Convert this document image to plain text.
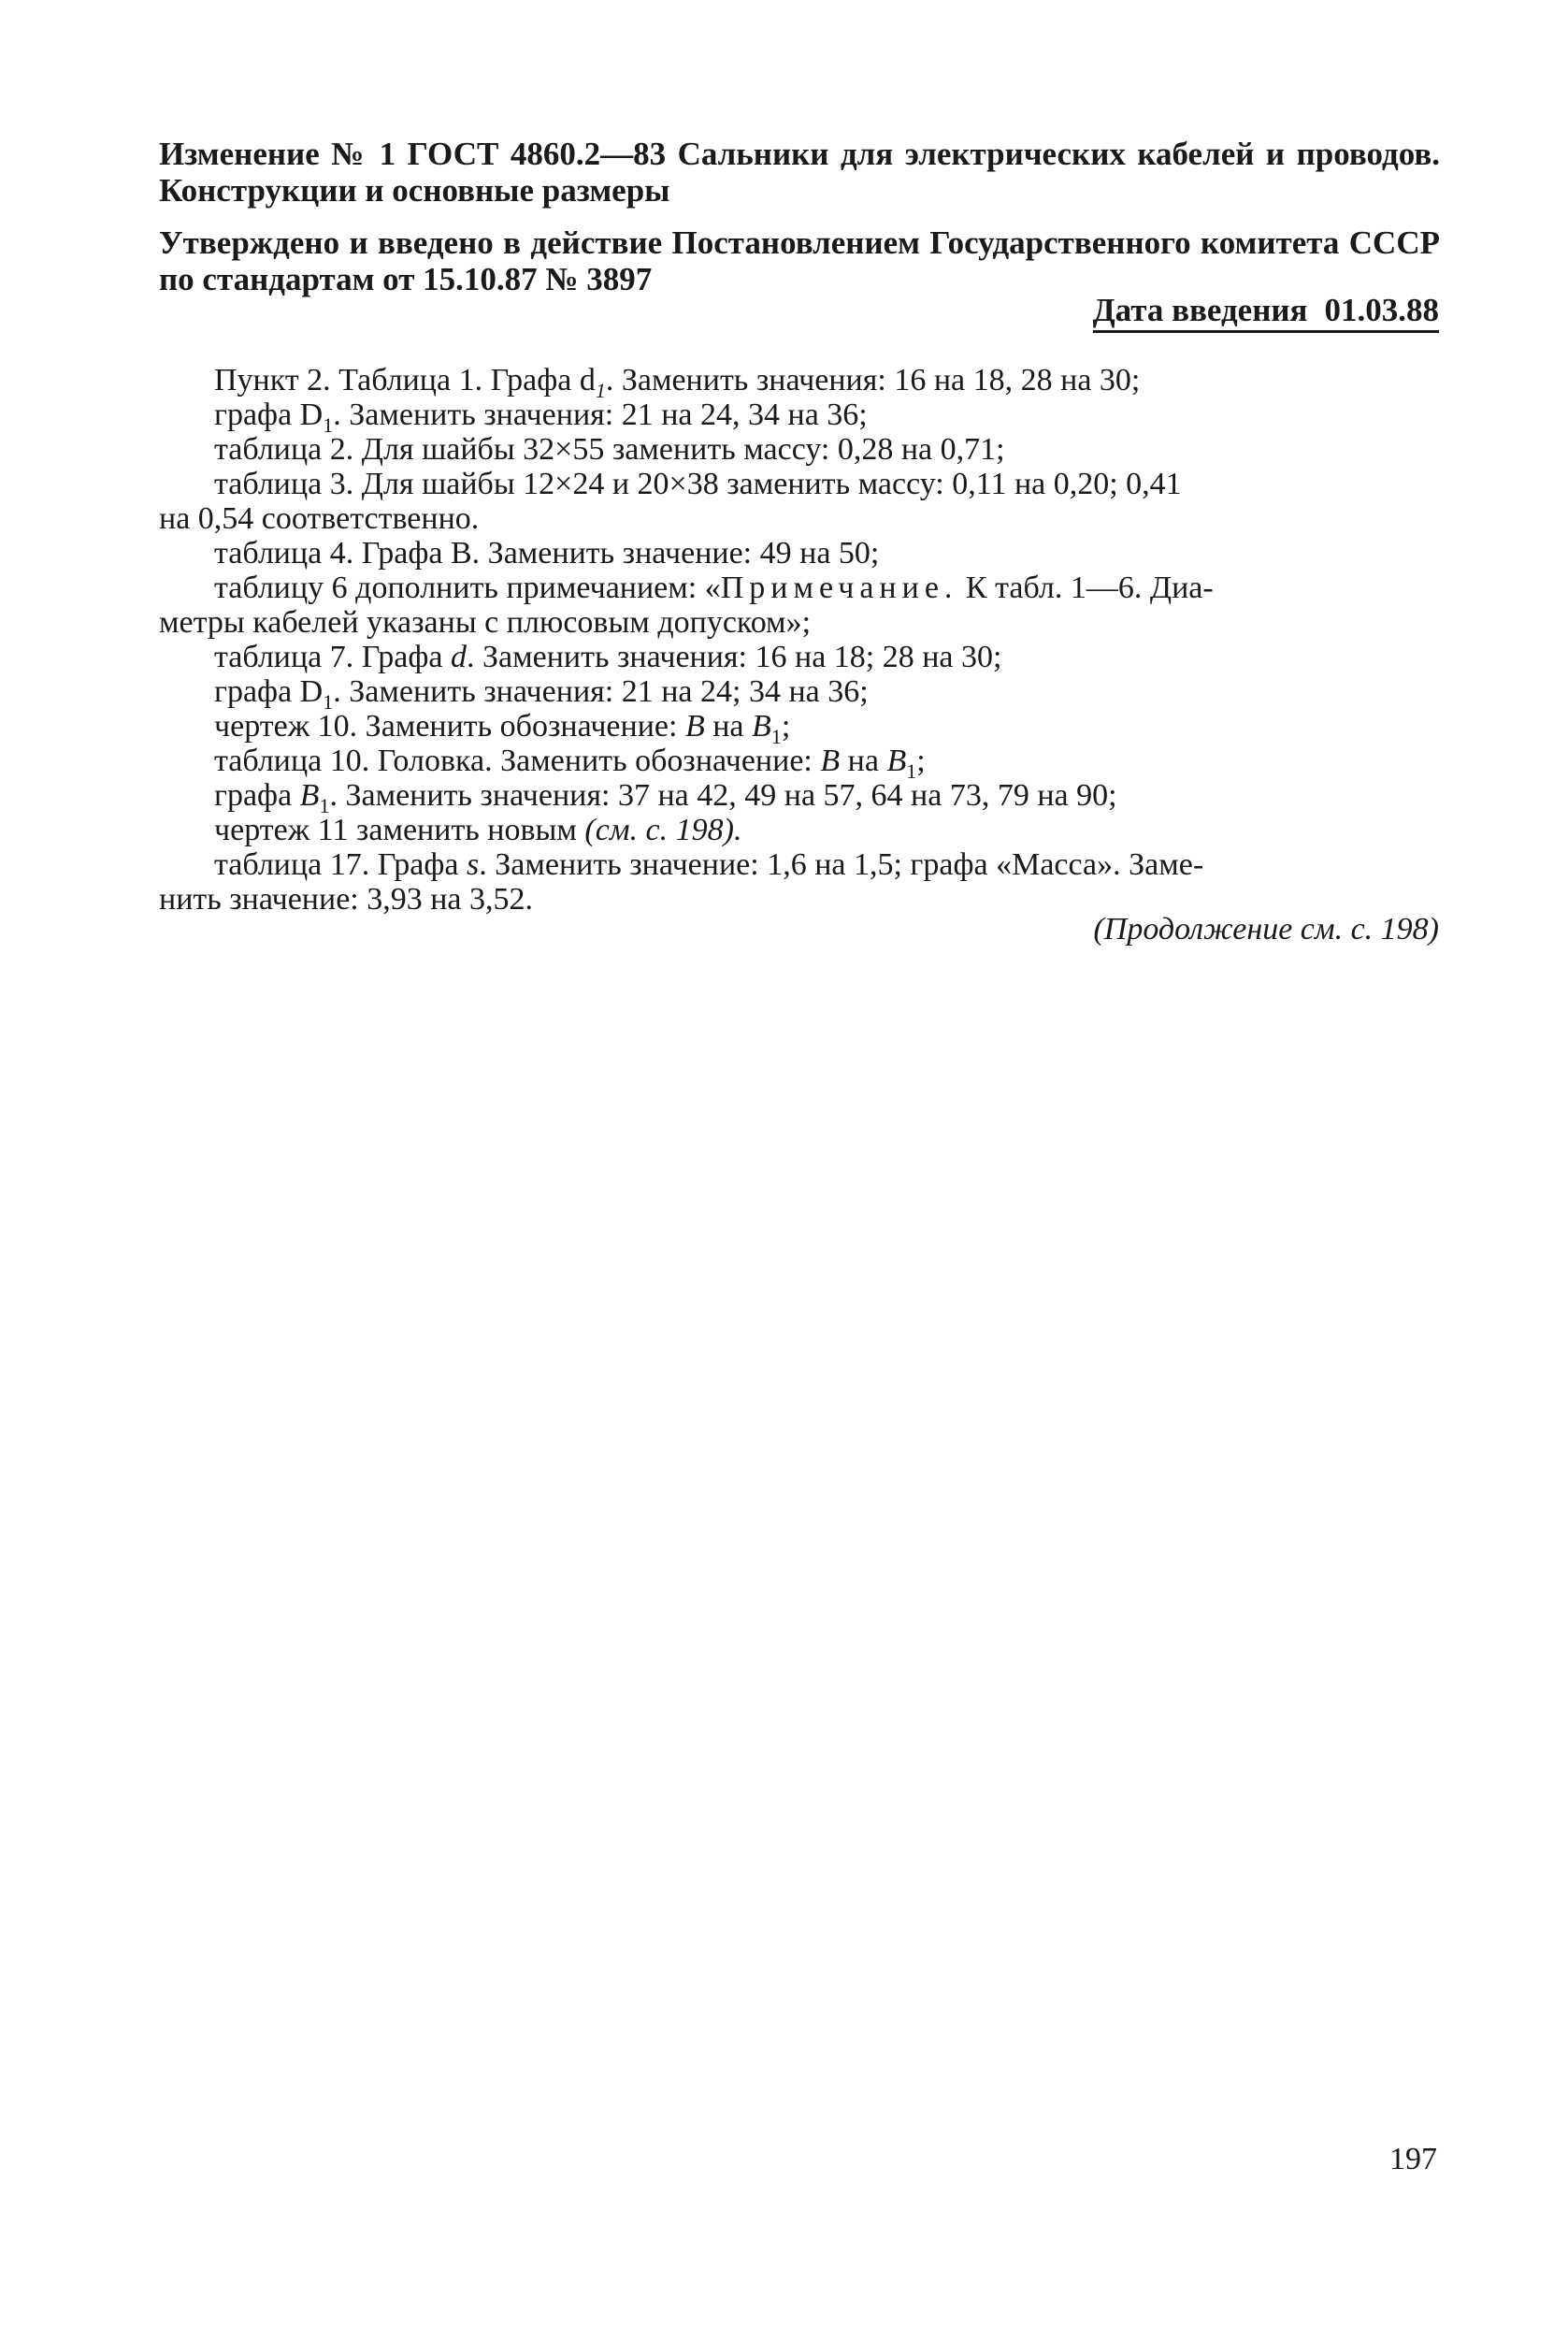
Изменение № 1 ГОСТ 4860.2—83 Сальники для электрических кабелей и проводов. Конструкции и основные размеры

Утверждено и введено в действие Постановлением Государственного комитета СССР по стандартам от 15.10.87 № 3897

Дата введения 01.03.88
Пункт 2. Таблица 1. Графа $d_1$. Заменить значения: 16 на 18, 28 на 30;
графа $D_1$. Заменить значения: 21 на 24, 34 на 36;
таблица 2. Для шайбы 32×55 заменить массу: 0,28 на 0,71;
таблица 3. Для шайбы 12×24 и 20×38 заменить массу: 0,11 на 0,20; 0,41
на 0,54 соответственно.
таблица 4. Графа В. Заменить значение: 49 на 50;
таблицу 6 дополнить примечанием: «Примечание. К табл. 1—6. Диа-
метры кабелей указаны с плюсовым допуском»;
таблица 7. Графа d. Заменить значения: 16 на 18; 28 на 30;
графа $D_1$. Заменить значения: 21 на 24; 34 на 36;
чертеж 10. Заменить обозначение: B на $B_1$;
таблица 10. Головка. Заменить обозначение: B на $B_1$;
графа $B_1$. Заменить значения: 37 на 42, 49 на 57, 64 на 73, 79 на 90;
чертеж 11 заменить новым (см. с. 198).
таблица 17. Графа s. Заменить значение: 1,6 на 1,5; графа «Масса». Заме-
нить значение: 3,93 на 3,52.
(Продолжение см. с. 198)
197
